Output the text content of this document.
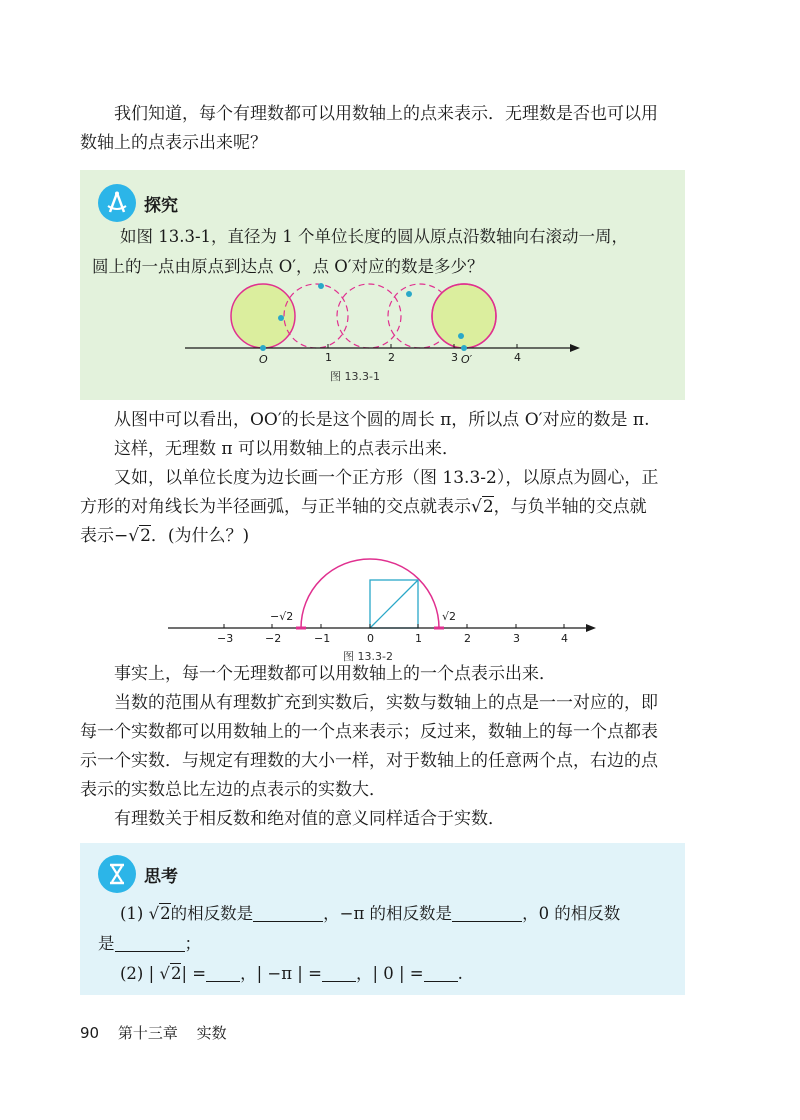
我们知道，每个有理数都可以用数轴上的点来表示．无理数是否也可以用
数轴上的点表示出来呢？
探究
如图 13.3-1，直径为 1 个单位长度的圆从原点沿数轴向右滚动一周，
圆上的一点由原点到达点 O′，点 O′对应的数是多少？
O	1	2	3 O′	4
图 13.3-1
从图中可以看出，OO′的长是这个圆的周长 π，所以点 O′对应的数是 π.
这样，无理数 π 可以用数轴上的点表示出来．
又如，以单位长度为边长画一个正方形（图 13.3-2），以原点为圆心，正
方形的对角线长为半径画弧，与正半轴的交点就表示√2，与负半轴的交点就
表示−√2．(为什么？)
−√2	√2
−3	−2	−1	0	1	2	3	4
图 13.3-2
事实上，每一个无理数都可以用数轴上的一个点表示出来．
当数的范围从有理数扩充到实数后，实数与数轴上的点是一一对应的，即
每一个实数都可以用数轴上的一个点来表示；反过来，数轴上的每一个点都表
示一个实数．与规定有理数的大小一样，对于数轴上的任意两个点，右边的点
表示的实数总比左边的点表示的实数大．
有理数关于相反数和绝对值的意义同样适合于实数．
思考
(1) √2的相反数是	，−π 的相反数是	，0 的相反数
是	；
(2) | √2| = ，| −π | = ，| 0 | = .
90 第十三章 实数
